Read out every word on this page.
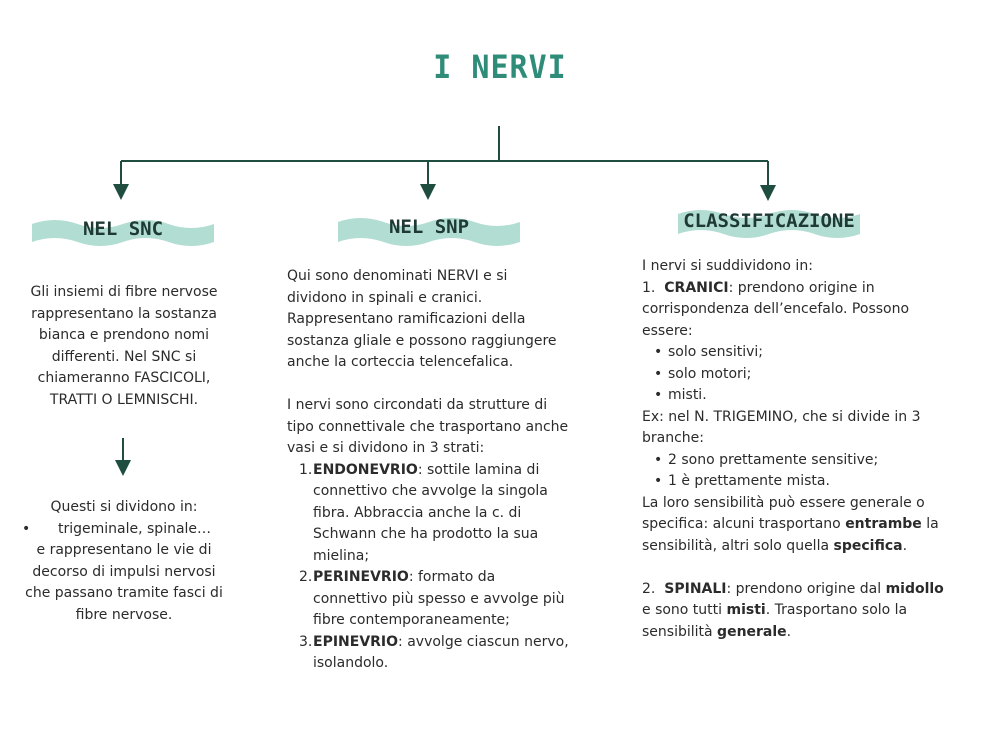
I NERVI
NEL SNC	NEL SNP	CLASSIFICAZIONE

Gli insiemi di fibre nervose rappresentano la sostanza bianca e prendono nomi differenti. Nel SNC si chiameranno FASCICOLI, TRATTI O LEMNISCHI.

Questi si dividono in:

• trigeminale, spinale…

e rappresentano le vie di decorso di impulsi nervosi che passano tramite fasci di fibre nervose.

Qui sono denominati NERVI e si dividono in spinali e cranici. Rappresentano ramificazioni della sostanza gliale e possono raggiungere anche la corteccia telencefalica.

I nervi sono circondati da strutture di tipo connettivale che trasportano anche vasi e si dividono in 3 strati:

1. ENDONEVRIO: sottile lamina di connettivo che avvolge la singola fibra. Abbraccia anche la c. di Schwann che ha prodotto la sua mielina;
2. PERINEVRIO: formato da connettivo più spesso e avvolge più fibre contemporaneamente;
3. EPINEVRIO: avvolge ciascun nervo, isolandolo.

I nervi si suddividono in:

1. CRANICI: prendono origine in corrispondenza dell’encefalo. Possono essere:

• solo sensitivi;
• solo motori;
• misti.

Ex: nel N. TRIGEMINO, che si divide in 3 branche:

• 2 sono prettamente sensitive;
• 1 è prettamente mista.

La loro sensibilità può essere generale o specifica: alcuni trasportano entrambe la sensibilità, altri solo quella specifica.

2. SPINALI: prendono origine dal midollo e sono tutti misti. Trasportano solo la sensibilità generale.
